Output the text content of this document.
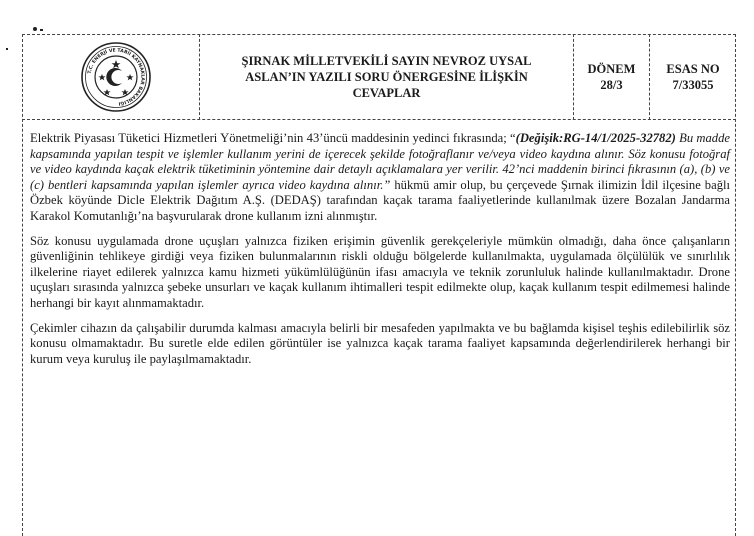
T.C. ENERJİ VE TABİİ KAYNAKLAR BAKANLIĞI
ŞIRNAK MİLLETVEKİLİ SAYIN NEVROZ UYSAL
ASLAN’IN YAZILI SORU ÖNERGESİNE İLİŞKİN
CEVAPLAR
DÖNEM
28/3
ESAS NO
7/33055

Elektrik Piyasası Tüketici Hizmetleri Yönetmeliği’nin 43’üncü maddesinin yedinci fıkrasında; “(Değişik:RG-14/1/2025-32782) Bu madde kapsamında yapılan tespit ve işlemler kullanım yerini de içerecek şekilde fotoğraflanır ve/veya video kaydına alınır. Söz konusu fotoğraf ve video kaydında kaçak elektrik tüketiminin yöntemine dair detaylı açıklamalara yer verilir. 42’nci maddenin birinci fıkrasının (a), (b) ve (c) bentleri kapsamında yapılan işlemler ayrıca video kaydına alınır.” hükmü amir olup, bu çerçevede Şırnak ilimizin İdil ilçesine bağlı Özbek köyünde Dicle Elektrik Dağıtım A.Ş. (DEDAŞ) tarafından kaçak tarama faaliyetlerinde kullanılmak üzere Bozalan Jandarma Karakol Komutanlığı’na başvurularak drone kullanım izni alınmıştır.

Söz konusu uygulamada drone uçuşları yalnızca fiziken erişimin güvenlik gerekçeleriyle mümkün olmadığı, daha önce çalışanların güvenliğinin tehlikeye girdiği veya fiziken bulunmalarının riskli olduğu bölgelerde kullanılmakta, uygulamada ölçülülük ve sınırlılık ilkelerine riayet edilerek yalnızca kamu hizmeti yükümlülüğünün ifası amacıyla ve teknik zorunluluk halinde kullanılmaktadır. Drone uçuşları sırasında yalnızca şebeke unsurları ve kaçak kullanım ihtimalleri tespit edilmekte olup, kaçak kullanım tespit edilmemesi halinde herhangi bir kayıt alınmamaktadır.

Çekimler cihazın da çalışabilir durumda kalması amacıyla belirli bir mesafeden yapılmakta ve bu bağlamda kişisel teşhis edilebilirlik söz konusu olmamaktadır. Bu suretle elde edilen görüntüler ise yalnızca kaçak tarama faaliyet kapsamında değerlendirilerek herhangi bir kurum veya kuruluş ile paylaşılmamaktadır.
